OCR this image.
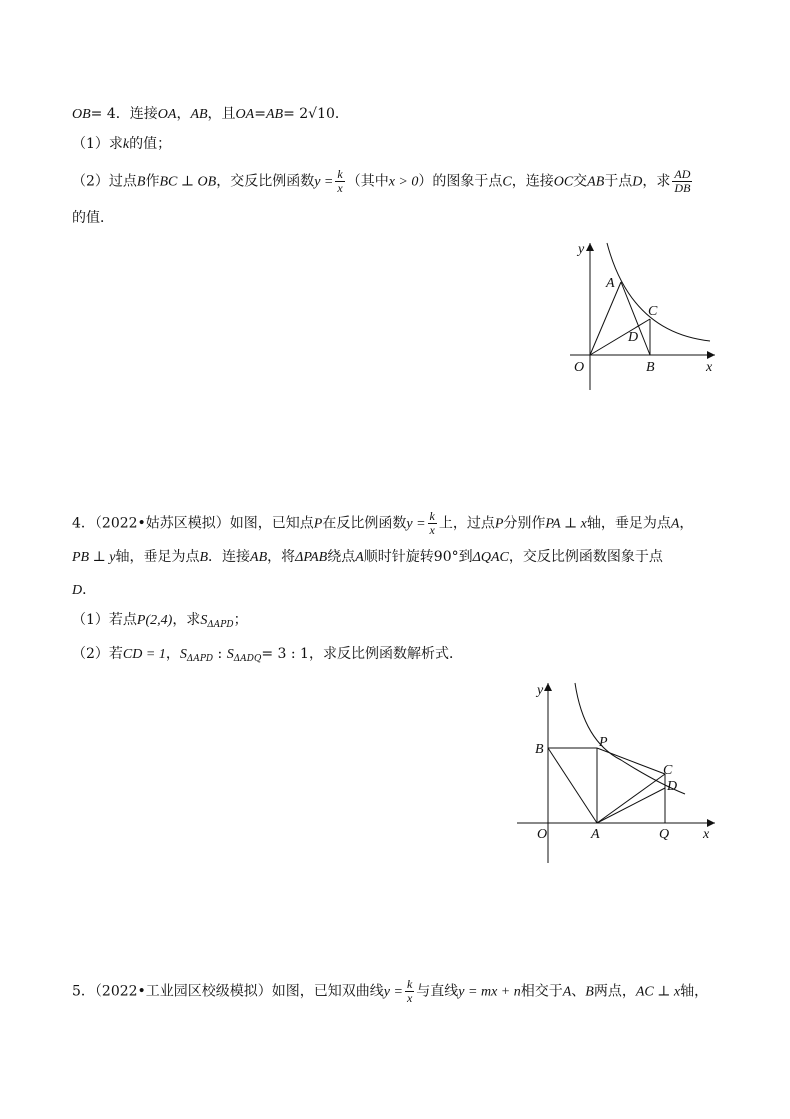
OB= 4．连接OA，AB，且OA=AB= 2√10．
（1）求k的值；
（2）过点B作BC ⊥ OB，交反比例函数$y = \frac{k}{x}$ （其中x > 0）的图象于点C，连接OC交AB于点D，求 $\frac{AD}{DB}$
的值．
y
x
O
A
B
C
D
4．（2022•姑苏区模拟）如图，已知点P在反比例函数$y = \frac{k}{x}$ 上，过点P分别作PA ⊥ x轴，垂足为点A，
PB ⊥ y轴，垂足为点B．连接AB，将ΔPAB绕点A顺时针旋转90°到ΔQAC，交反比例函数图象于点
D．
（1）若点P(2,4)，求$S_{\Delta APD}$；
（2）若CD = 1，$S_{\Delta APD}$ : $S_{\Delta ADQ}= 3$ : 1，求反比例函数解析式．
y
x
O
B	P
A	Q
C
D
5．（2022•工业园区校级模拟）如图，已知双曲线$y = \frac{k}{x}$ 与直线y = mx + n相交于A、B两点，AC ⊥ x轴，
